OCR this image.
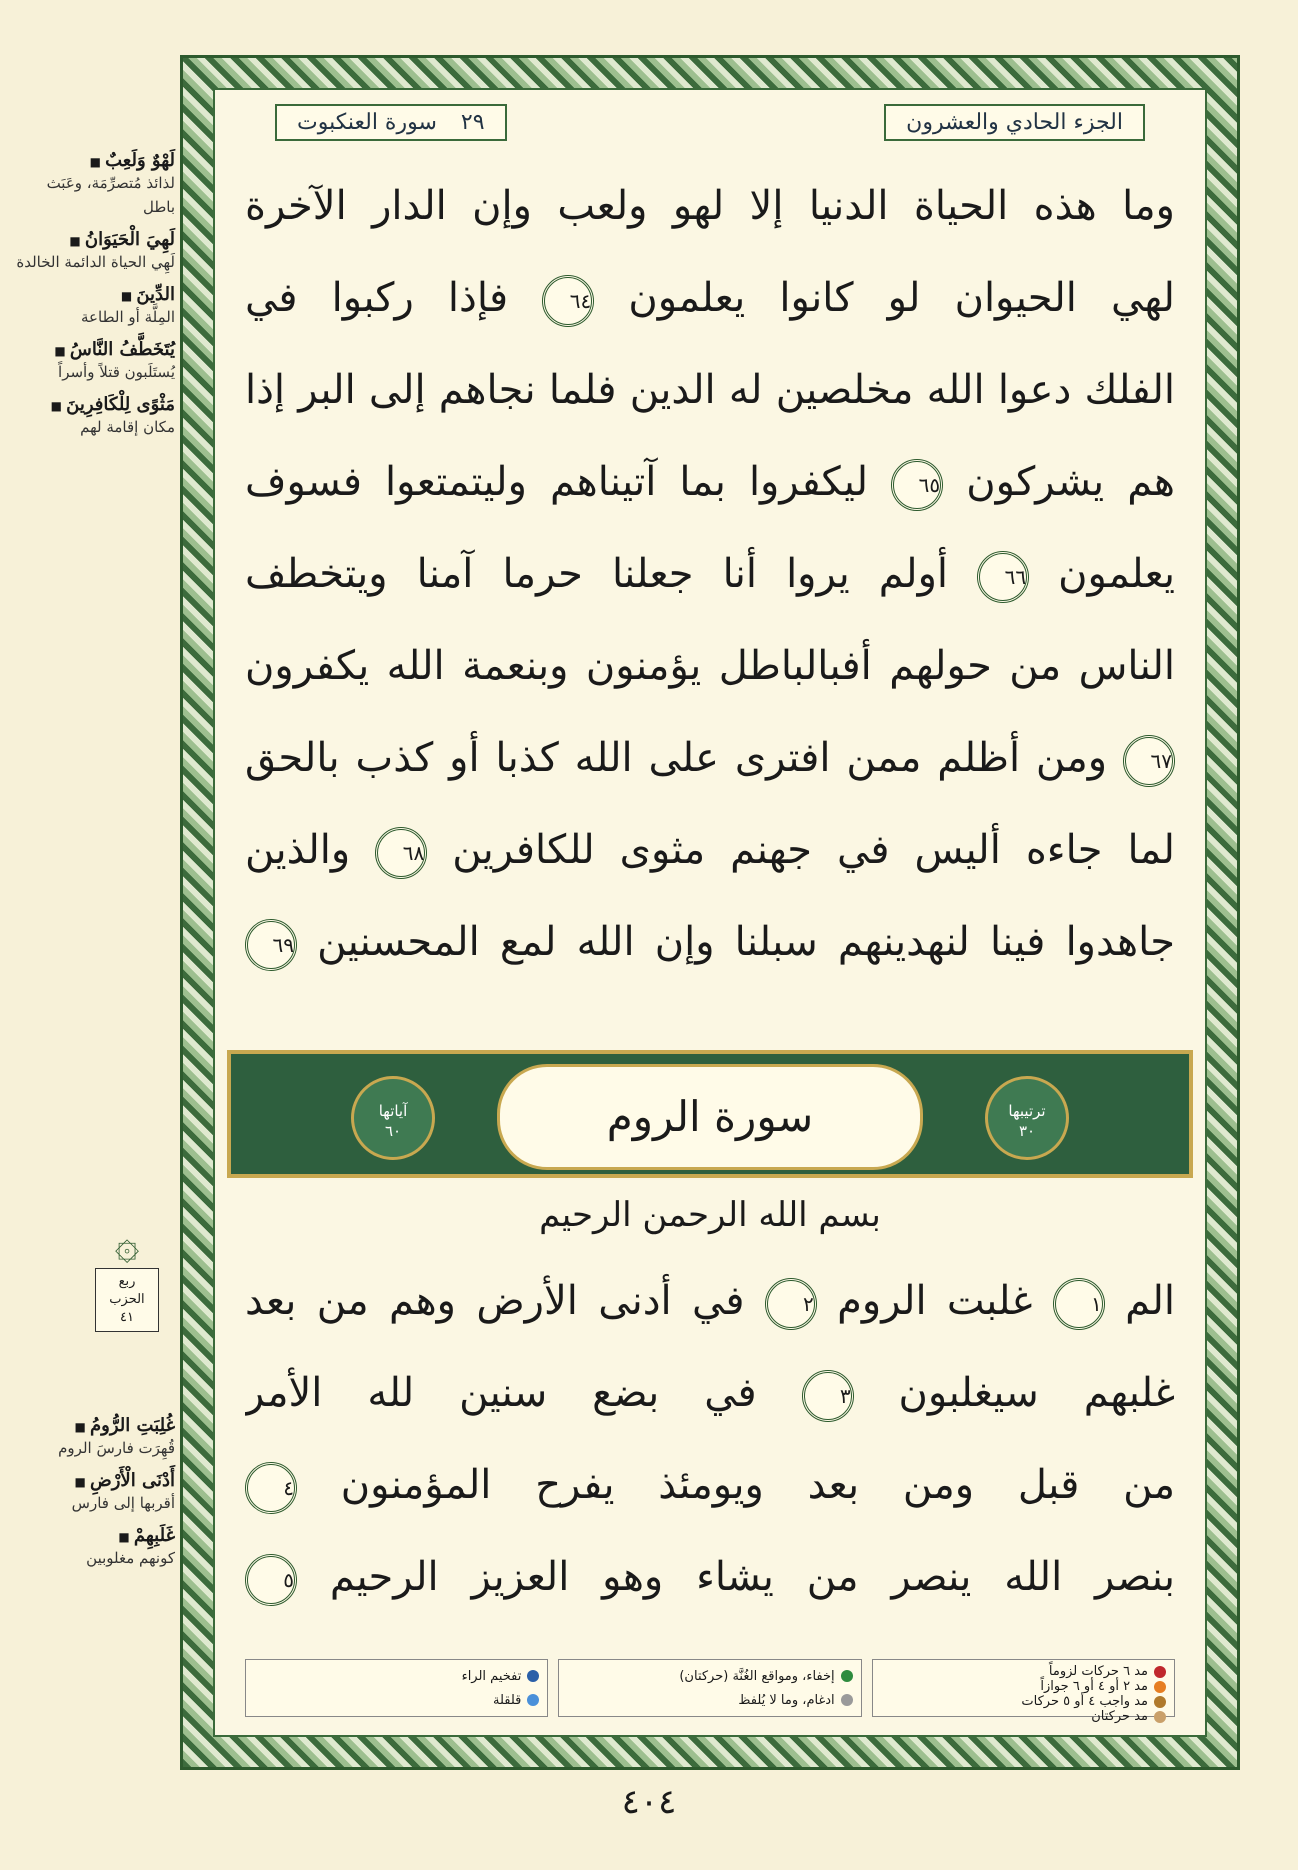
لَهْوٌ وَلَعِبٌ ■
لذائذ مُتصرِّمَة، وعَبَث باطل
لَهِيَ الْحَيَوَانُ ■
لَهِي الحياة الدائمة الخالدة
الدِّينَ ■
المِلَّة أو الطاعة
يُتَخَطَّفُ النَّاسُ ■
يُستَلَبون قتلاً وأسراً
مَثْوًى لِلْكَافِرِينَ ■
مكان إقامة لهم
۞
ربع
الحزب
٤١
غُلِبَتِ الرُّومُ ■
قُهِرَت فارسَ الروم
أَدْنَى الْأَرْضِ ■
أقربها إلى فارس
غَلَبِهِمْ ■
كونهم مغلوبين
الجزء الحادي والعشرون
٢٩
سورة العنكبوت
وما هذه الحياة الدنيا إلا لهو ولعب وإن الدار الآخرة
لهي الحيوان لو كانوا يعلمون ٦٤ فإذا ركبوا في
الفلك دعوا الله مخلصين له الدين فلما نجاهم إلى البر إذا
هم يشركون ٦٥ ليكفروا بما آتيناهم وليتمتعوا فسوف
يعلمون ٦٦ أولم يروا أنا جعلنا حرما آمنا ويتخطف
الناس من حولهم أفبالباطل يؤمنون وبنعمة الله يكفرون
٦٧ ومن أظلم ممن افترى على الله كذبا أو كذب بالحق
لما جاءه أليس في جهنم مثوى للكافرين ٦٨ والذين
جاهدوا فينا لنهدينهم سبلنا وإن الله لمع المحسنين ٦٩
ترتيبها
٣٠
سورة الروم
آياتها
٦٠
بسم الله الرحمن الرحيم
الم ١ غلبت الروم ٢ في أدنى الأرض وهم من بعد
غلبهم سيغلبون ٣ في بضع سنين لله الأمر
من قبل ومن بعد ويومئذ يفرح المؤمنون ٤
بنصر الله ينصر من يشاء وهو العزيز الرحيم ٥
مد ٦ حركات لزوماً
مد ٢ أو ٤ أو ٦ جوازاً
مد واجب ٤ أو ٥ حركات
مد حركتان
إخفاء، ومواقع الغُنَّة (حركتان)
ادغام، وما لا يُلفظ
تفخيم الراء
قلقلة
٤٠٤
